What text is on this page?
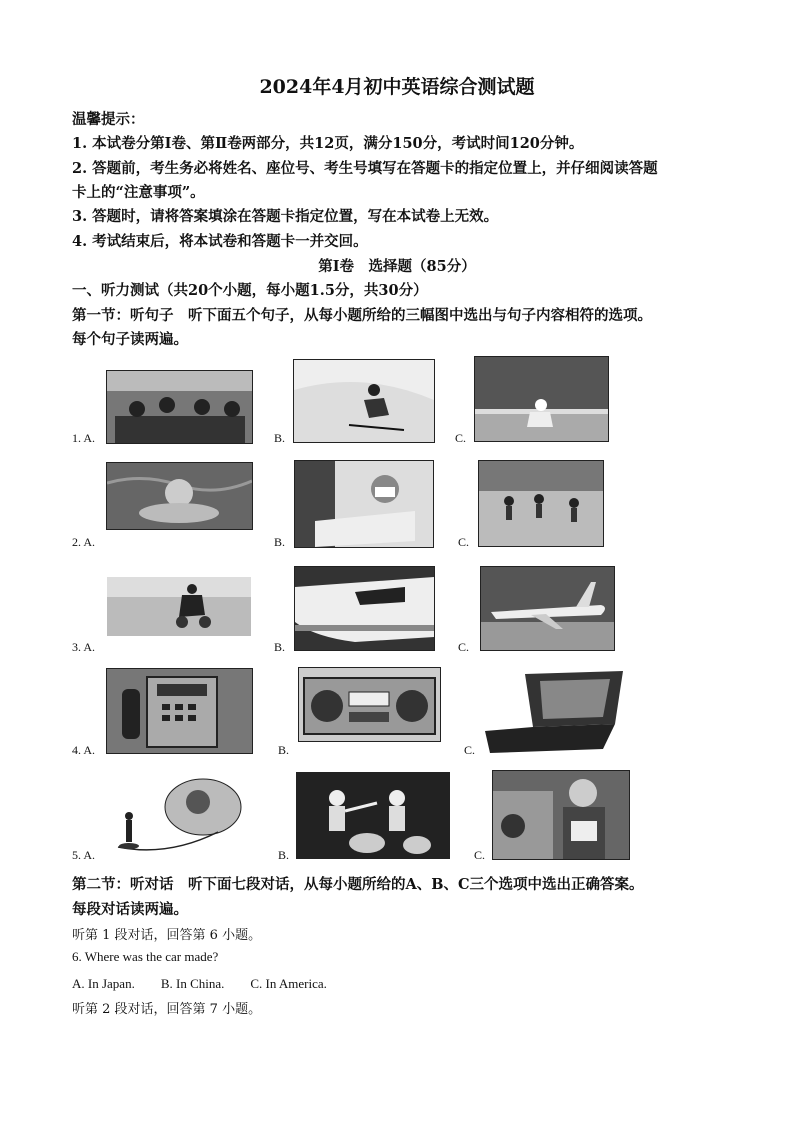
2024年4月初中英语综合测试题
温馨提示：
1. 本试卷分第Ⅰ卷、第Ⅱ卷两部分，共12页，满分150分，考试时间120分钟。
2. 答题前，考生务必将姓名、座位号、考生号填写在答题卡的指定位置上，并仔细阅读答题
卡上的“注意事项”。
3. 答题时，请将答案填涂在答题卡指定位置，写在本试卷上无效。
4. 考试结束后，将本试卷和答题卡一并交回。
第Ⅰ卷　选择题（85分）
一、听力测试（共20个小题，每小题1.5分，共30分）
第一节：听句子　听下面五个句子，从每小题所给的三幅图中选出与句子内容相符的选项。
每个句子读两遍。
1. A.	B.	C.
2. A.	B.	C.
3. A.	B.	C.
4. A.	B.	C.
5. A.	B.	C.
第二节：听对话　听下面七段对话，从每小题所给的A、B、C三个选项中选出正确答案。
每段对话读两遍。
听第 1 段对话，回答第 6 小题。
6. Where was the car made?
A. In Japan.　　B. In China.　　C. In America.
听第 2 段对话，回答第 7 小题。
